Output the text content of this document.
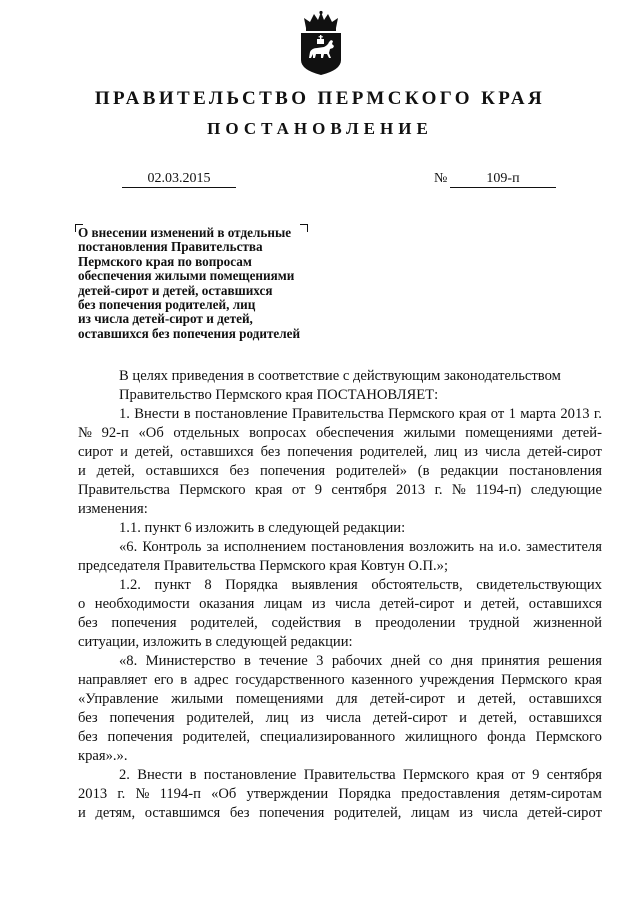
ПРАВИТЕЛЬСТВО ПЕРМСКОГО КРАЯ
ПОСТАНОВЛЕНИЕ
02.03.2015	№	109-п
О внесении изменений в отдельные
постановления Правительства
Пермского края по вопросам
обеспечения жилыми помещениями
детей-сирот и детей, оставшихся
без попечения родителей, лиц
из числа детей-сирот и детей,
оставшихся без попечения родителей
В целях приведения в соответствие с действующим законодательством
Правительство Пермского края ПОСТАНОВЛЯЕТ:
1. Внести в постановление Правительства Пермского края от 1 марта 2013 г.
№ 92-п «Об отдельных вопросах обеспечения жилыми помещениями детей-
сирот и детей, оставшихся без попечения родителей, лиц из числа детей-сирот
и детей, оставшихся без попечения родителей» (в редакции постановления
Правительства Пермского края от 9 сентября 2013 г. № 1194-п) следующие
изменения:
1.1. пункт 6 изложить в следующей редакции:
«6. Контроль за исполнением постановления возложить на и.о. заместителя
председателя Правительства Пермского края Ковтун О.П.»;
1.2. пункт 8 Порядка выявления обстоятельств, свидетельствующих
о необходимости оказания лицам из числа детей-сирот и детей, оставшихся
без попечения родителей, содействия в преодолении трудной жизненной
ситуации, изложить в следующей редакции:
«8. Министерство в течение 3 рабочих дней со дня принятия решения
направляет его в адрес государственного казенного учреждения Пермского края
«Управление жилыми помещениями для детей-сирот и детей, оставшихся
без попечения родителей, лиц из числа детей-сирот и детей, оставшихся
без попечения родителей, специализированного жилищного фонда Пермского
края».».
2. Внести в постановление Правительства Пермского края от 9 сентября
2013 г. № 1194-п «Об утверждении Порядка предоставления детям-сиротам
и детям, оставшимся без попечения родителей, лицам из числа детей-сирот
